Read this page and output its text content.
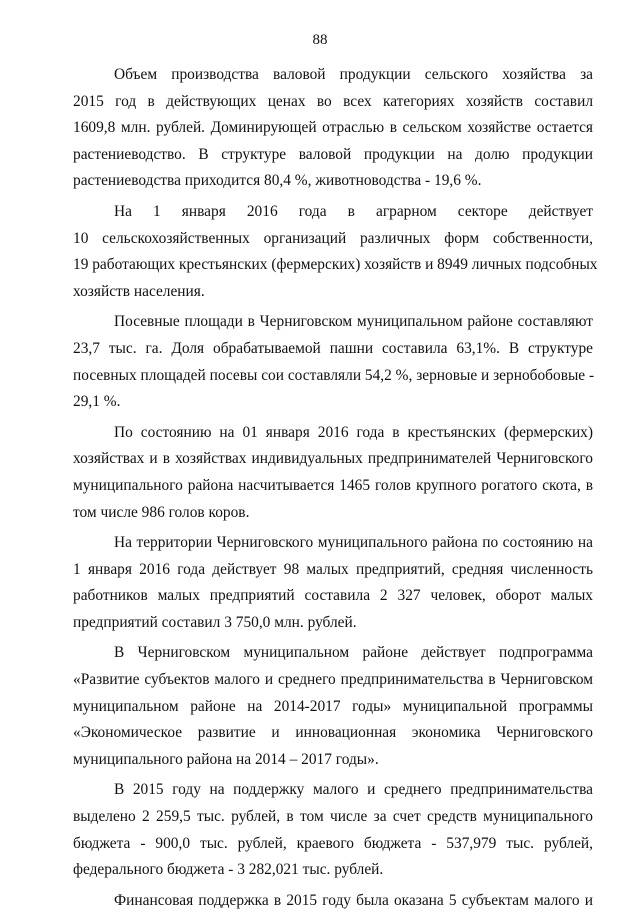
88

Объем производства валовой продукции сельского хозяйства за
2015 год в действующих ценах во всех категориях хозяйств составил
1609,8 млн. рублей. Доминирующей отраслью в сельском хозяйстве остается
растениеводство. В структуре валовой продукции на долю продукции
растениеводства приходится 80,4 %, животноводства - 19,6 %.

На 1 января 2016 года в аграрном секторе действует
10 сельскохозяйственных организаций различных форм собственности,
19 работающих крестьянских (фермерских) хозяйств и 8949 личных подсобных
хозяйств населения.

Посевные площади в Черниговском муниципальном районе составляют
23,7 тыс. га. Доля обрабатываемой пашни составила 63,1%. В структуре
посевных площадей посевы сои составляли 54,2 %, зерновые и зернобобовые -
29,1 %.

По состоянию на 01 января 2016 года в крестьянских (фермерских)
хозяйствах и в хозяйствах индивидуальных предпринимателей Черниговского
муниципального района насчитывается 1465 голов крупного рогатого скота, в
том числе 986 голов коров.

На территории Черниговского муниципального района по состоянию на
1 января 2016 года действует 98 малых предприятий, средняя численность
работников малых предприятий составила 2 327 человек, оборот малых
предприятий составил 3 750,0 млн. рублей.

В Черниговском муниципальном районе действует подпрограмма
«Развитие субъектов малого и среднего предпринимательства в Черниговском
муниципальном районе на 2014-2017 годы» муниципальной программы
«Экономическое развитие и инновационная экономика Черниговского
муниципального района на 2014 – 2017 годы».

В 2015 году на поддержку малого и среднего предпринимательства
выделено 2 259,5 тыс. рублей, в том числе за счет средств муниципального
бюджета - 900,0 тыс. рублей, краевого бюджета - 537,979 тыс. рублей,
федерального бюджета - 3 282,021 тыс. рублей.

Финансовая поддержка в 2015 году была оказана 5 субъектам малого и
